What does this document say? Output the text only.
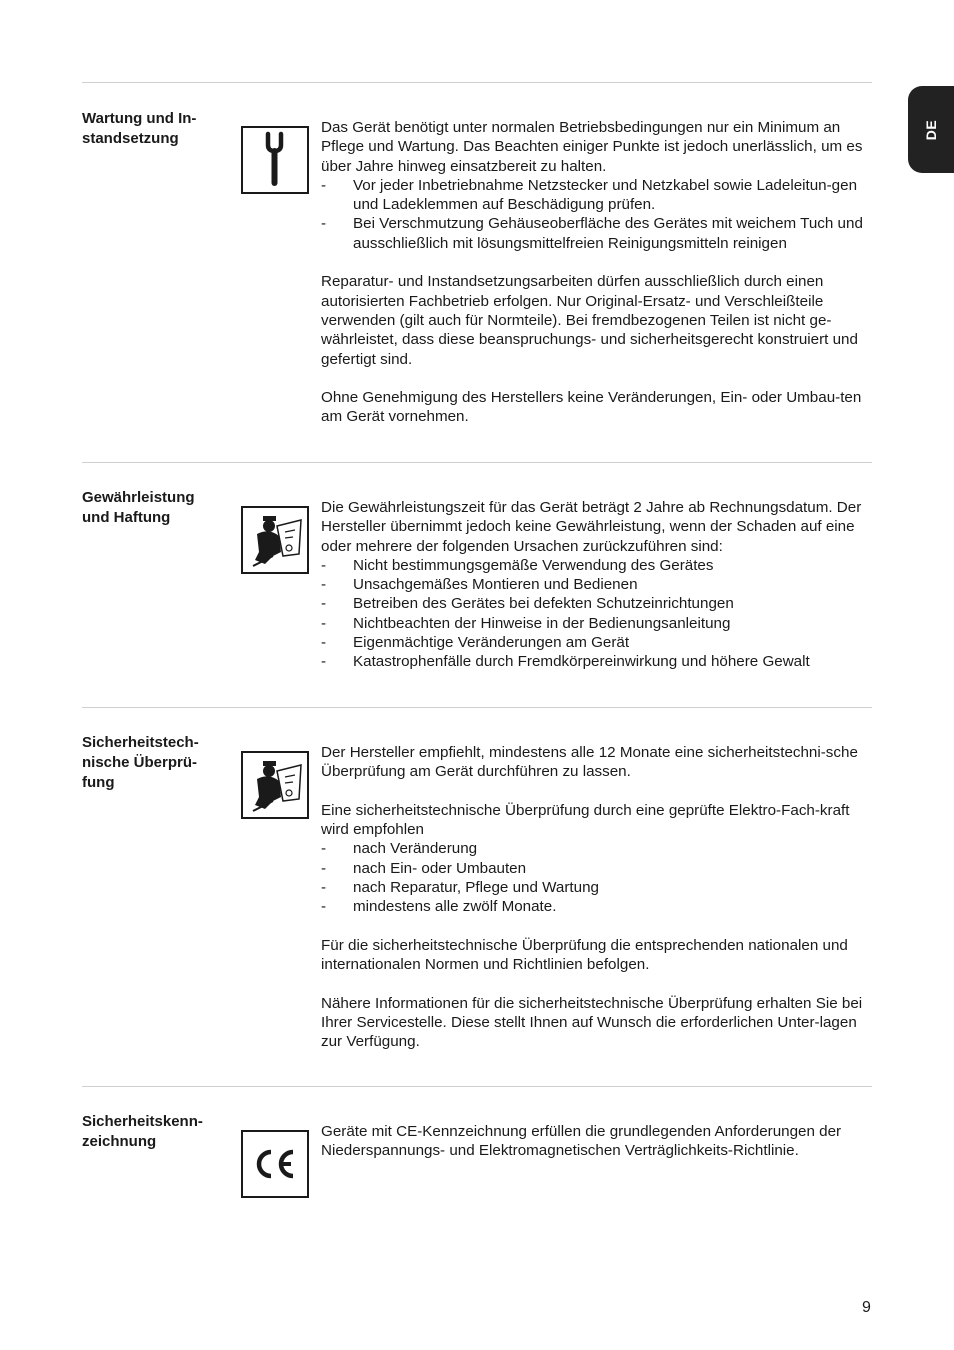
DE
Wartung und In-
standsetzung

Das Gerät benötigt unter normalen Betriebsbedingungen nur ein Minimum an Pflege und Wartung. Das Beachten einiger Punkte ist jedoch unerlässlich, um es über Jahre hinweg einsatzbereit zu halten.

- Vor jeder Inbetriebnahme Netzstecker und Netzkabel sowie Ladeleitun-gen und Ladeklemmen auf Beschädigung prüfen.
- Bei Verschmutzung Gehäuseoberfläche des Gerätes mit weichem Tuch und ausschließlich mit lösungsmittelfreien Reinigungsmitteln reinigen

Reparatur- und Instandsetzungsarbeiten dürfen ausschließlich durch einen autorisierten Fachbetrieb erfolgen. Nur Original-Ersatz- und Verschleißteile verwenden (gilt auch für Normteile). Bei fremdbezogenen Teilen ist nicht ge-währleistet, dass diese beanspruchungs- und sicherheitsgerecht konstruiert und gefertigt sind.

Ohne Genehmigung des Herstellers keine Veränderungen, Ein- oder Umbau-ten am Gerät vornehmen.

Gewährleistung
und Haftung

Die Gewährleistungszeit für das Gerät beträgt 2 Jahre ab Rechnungsdatum. Der Hersteller übernimmt jedoch keine Gewährleistung, wenn der Schaden auf eine oder mehrere der folgenden Ursachen zurückzuführen sind:

- Nicht bestimmungsgemäße Verwendung des Gerätes
- Unsachgemäßes Montieren und Bedienen
- Betreiben des Gerätes bei defekten Schutzeinrichtungen
- Nichtbeachten der Hinweise in der Bedienungsanleitung
- Eigenmächtige Veränderungen am Gerät
- Katastrophenfälle durch Fremdkörpereinwirkung und höhere Gewalt
Sicherheitstech-
nische Überprü-
fung

Der Hersteller empfiehlt, mindestens alle 12 Monate eine sicherheitstechni-sche Überprüfung am Gerät durchführen zu lassen.

Eine sicherheitstechnische Überprüfung durch eine geprüfte Elektro-Fach-kraft wird empfohlen

- nach Veränderung
- nach Ein- oder Umbauten
- nach Reparatur, Pflege und Wartung
- mindestens alle zwölf Monate.

Für die sicherheitstechnische Überprüfung die entsprechenden nationalen und internationalen Normen und Richtlinien befolgen.

Nähere Informationen für die sicherheitstechnische Überprüfung erhalten Sie bei Ihrer Servicestelle. Diese stellt Ihnen auf Wunsch die erforderlichen Unter-lagen zur Verfügung.

Sicherheitskenn-
zeichnung

Geräte mit CE-Kennzeichnung erfüllen die grundlegenden Anforderungen der Niederspannungs- und Elektromagnetischen Verträglichkeits-Richtlinie.

9
